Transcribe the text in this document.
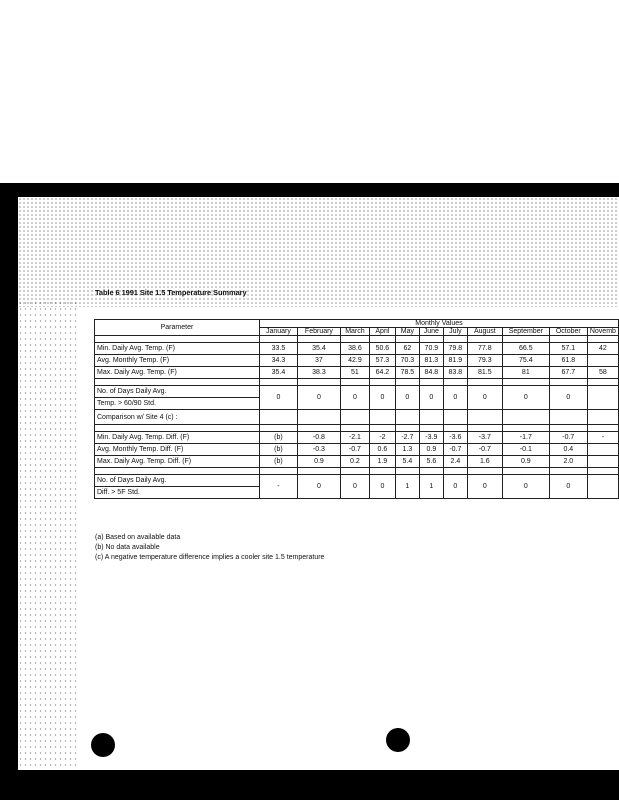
Table 6 1991 Site 1.5 Temperature Summary
Parameter	Monthly Values										
	January	February	March	April	May	June	July	August	September	October	Novemb

Min. Daily Avg. Temp. (F)	33.5	35.4	38.6	50.6	62	70.9	79.8	77.8	66.5	57.1	42
Avg. Monthly Temp. (F)	34.3	37	42.9	57.3	70.3	81.3	81.9	79.3	75.4	61.8	
Max. Daily Avg. Temp. (F)	35.4	38.3	51	64.2	78.5	84.8	83.8	81.5	81	67.7	58

No. of Days Daily Avg.	0	0	0	0	0	0	0	0	0	0	
Temp. > 60/90 Std.											
Comparison w/ Site 4 (c) :											

Min. Daily Avg. Temp. Diff. (F)	(b)	-0.8	-2.1	-2	-2.7	-3.9	-3.6	-3.7	-1.7	-0.7	-
Avg. Monthly Temp. Diff. (F)	(b)	-0.3	-0.7	0.6	1.3	0.9	-0.7	-0.7	-0.1	0.4	
Max. Daily Avg. Temp. Diff. (F)	(b)	0.9	0.2	1.9	5.4	5.6	2.4	1.6	0.9	2.0	

No. of Days Daily Avg.	-	0	0	0	1	1	0	0	0	0	
Diff. > 5F Std.											
(a) Based on available data
(b) No data available
(c) A negative temperature difference implies a cooler site 1.5 temperature
